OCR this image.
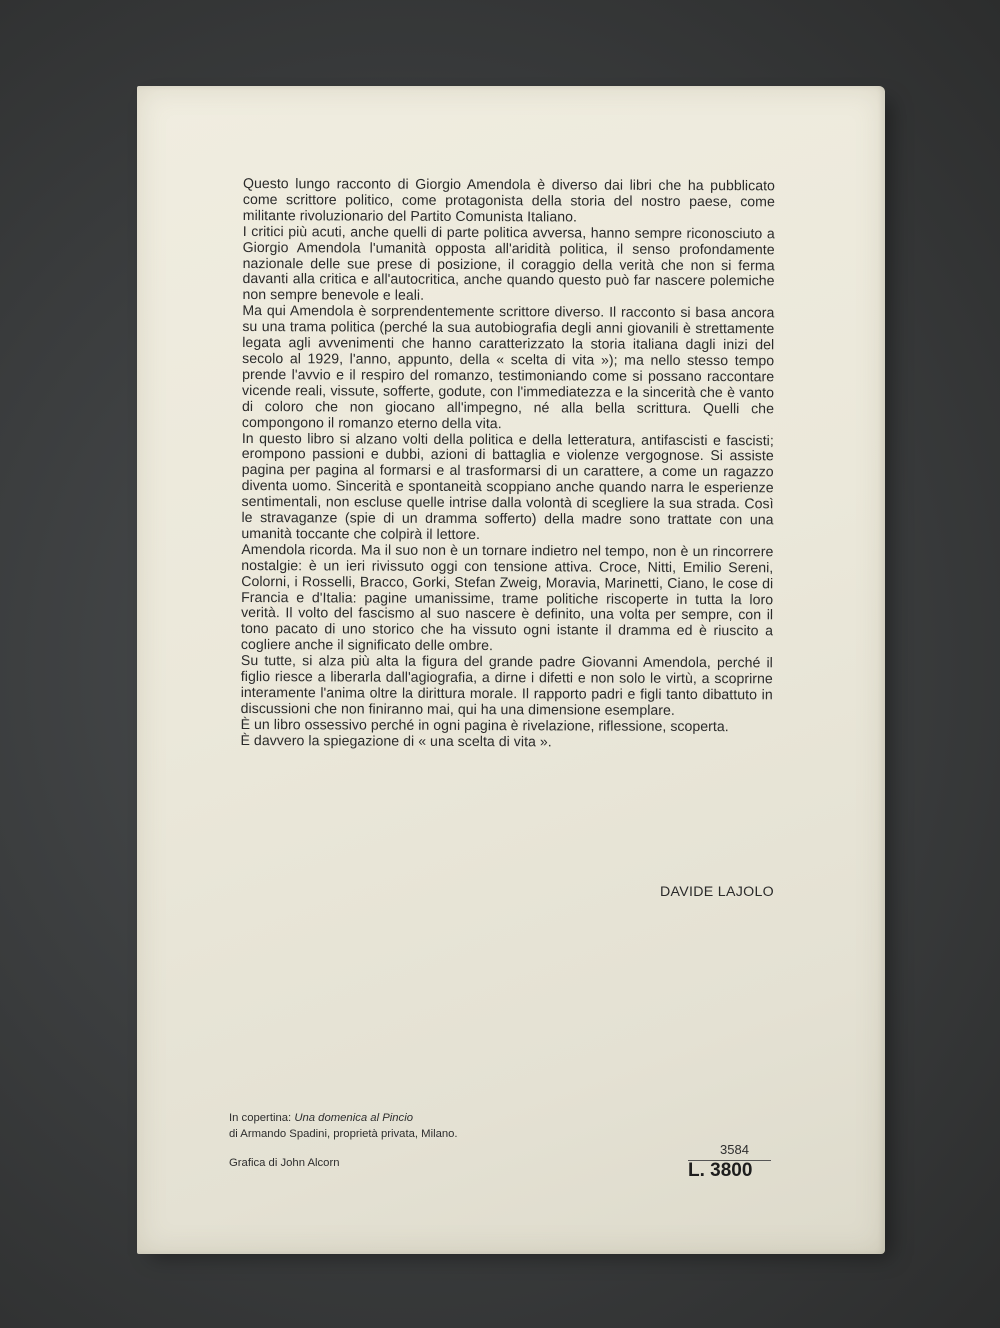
Questo lungo racconto di Giorgio Amendola è diverso dai libri che ha pubblicato come scrittore politico, come protagonista della storia del nostro paese, come militante rivoluzionario del Partito Comunista Italiano.

I critici più acuti, anche quelli di parte politica avversa, hanno sempre riconosciuto a Giorgio Amendola l'umanità opposta all'aridità politica, il senso profondamente nazionale delle sue prese di posizione, il coraggio della verità che non si ferma davanti alla critica e all'autocritica, anche quando questo può far nascere polemiche non sempre benevole e leali.

Ma qui Amendola è sorprendentemente scrittore diverso. Il racconto si basa ancora su una trama politica (perché la sua autobiografia degli anni giovanili è strettamente legata agli avvenimenti che hanno caratterizzato la storia italiana dagli inizi del secolo al 1929, l'anno, appunto, della « scelta di vita »); ma nello stesso tempo prende l'avvio e il respiro del romanzo, testimoniando come si possano raccontare vicende reali, vissute, sofferte, godute, con l'immediatezza e la sincerità che è vanto di coloro che non giocano all'impegno, né alla bella scrittura. Quelli che compongono il romanzo eterno della vita.

In questo libro si alzano volti della politica e della letteratura, antifascisti e fascisti; erompono passioni e dubbi, azioni di battaglia e violenze vergognose. Si assiste pagina per pagina al formarsi e al trasformarsi di un carattere, a come un ragazzo diventa uomo. Sincerità e spontaneità scoppiano anche quando narra le esperienze sentimentali, non escluse quelle intrise dalla volontà di scegliere la sua strada. Così le stravaganze (spie di un dramma sofferto) della madre sono trattate con una umanità toccante che colpirà il lettore.

Amendola ricorda. Ma il suo non è un tornare indietro nel tempo, non è un rincorrere nostalgie: è un ieri rivissuto oggi con tensione attiva. Croce, Nitti, Emilio Sereni, Colorni, i Rosselli, Bracco, Gorki, Stefan Zweig, Moravia, Marinetti, Ciano, le cose di Francia e d'Italia: pagine umanissime, trame politiche riscoperte in tutta la loro verità. Il volto del fascismo al suo nascere è definito, una volta per sempre, con il tono pacato di uno storico che ha vissuto ogni istante il dramma ed è riuscito a cogliere anche il significato delle ombre.

Su tutte, si alza più alta la figura del grande padre Giovanni Amendola, perché il figlio riesce a liberarla dall'agiografia, a dirne i difetti e non solo le virtù, a scoprirne interamente l'anima oltre la dirittura morale. Il rapporto padri e figli tanto dibattuto in discussioni che non finiranno mai, qui ha una dimensione esemplare.

È un libro ossessivo perché in ogni pagina è rivelazione, riflessione, scoperta.

È davvero la spiegazione di « una scelta di vita ».

DAVIDE LAJOLO
In copertina: Una domenica al Pincio
di Armando Spadini, proprietà privata, Milano.
Grafica di John Alcorn
3584
L. 3800
